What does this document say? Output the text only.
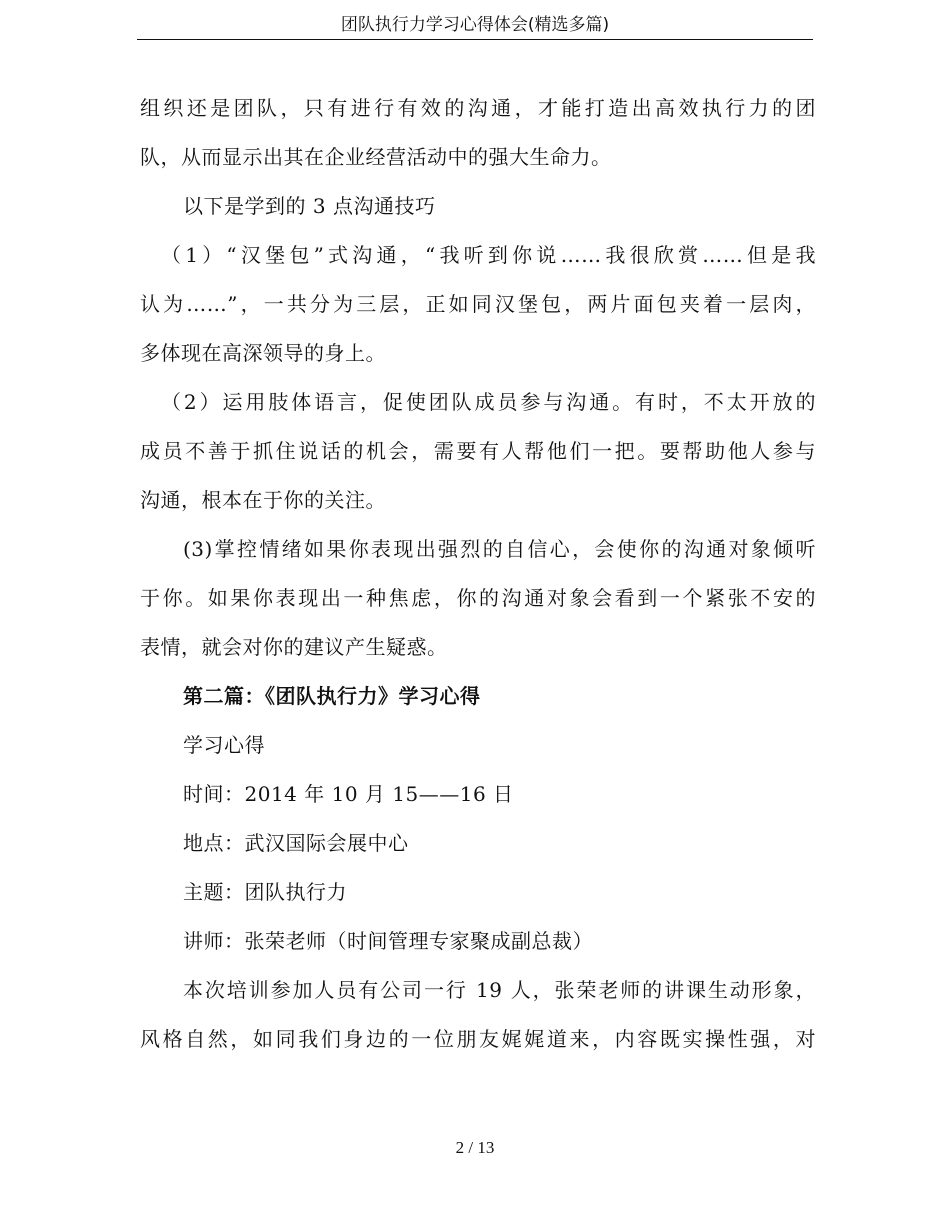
团队执行力学习心得体会(精选多篇)
组织还是团队，只有进行有效的沟通，才能打造出高效执行力的团
队，从而显示出其在企业经营活动中的强大生命力。
以下是学到的 3 点沟通技巧
（1）“汉堡包”式沟通，“我听到你说……我很欣赏……但是我
认为……”，一共分为三层，正如同汉堡包，两片面包夹着一层肉，
多体现在高深领导的身上。
（2）运用肢体语言，促使团队成员参与沟通。有时，不太开放的
成员不善于抓住说话的机会，需要有人帮他们一把。要帮助他人参与
沟通，根本在于你的关注。
(3)掌控情绪如果你表现出强烈的自信心，会使你的沟通对象倾听
于你。如果你表现出一种焦虑，你的沟通对象会看到一个紧张不安的
表情，就会对你的建议产生疑惑。
第二篇：《团队执行力》学习心得
学习心得
时间：2014 年 10 月 15——16 日
地点：武汉国际会展中心
主题：团队执行力
讲师：张荣老师（时间管理专家聚成副总裁）
本次培训参加人员有公司一行 19 人，张荣老师的讲课生动形象，
风格自然，如同我们身边的一位朋友娓娓道来，内容既实操性强，对
2 / 13
